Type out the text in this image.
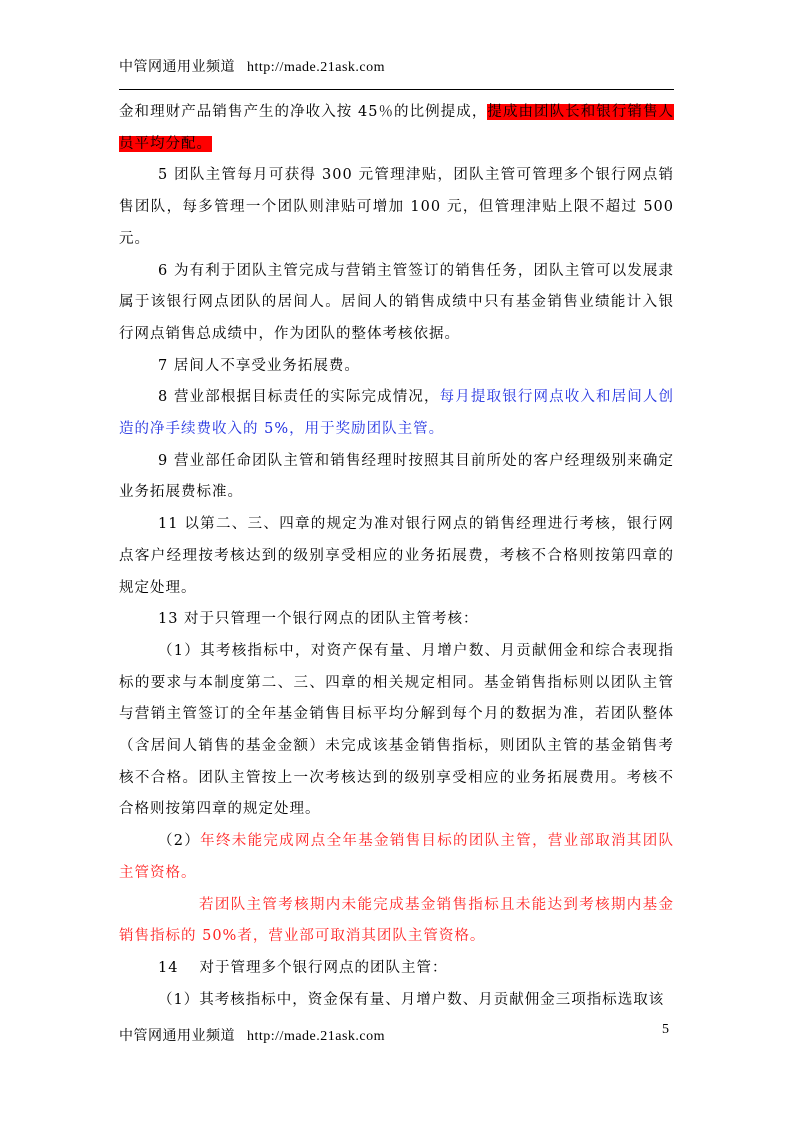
中管网通用业频道 http://made.21ask.com

金和理财产品销售产生的净收入按 45％的比例提成，提成由团队长和银行销售人员平均分配。

5 团队主管每月可获得 300 元管理津贴，团队主管可管理多个银行网点销售团队，每多管理一个团队则津贴可增加 100 元，但管理津贴上限不超过 500 元。

6 为有利于团队主管完成与营销主管签订的销售任务，团队主管可以发展隶属于该银行网点团队的居间人。居间人的销售成绩中只有基金销售业绩能计入银行网点销售总成绩中，作为团队的整体考核依据。

7 居间人不享受业务拓展费。

8 营业部根据目标责任的实际完成情况，每月提取银行网点收入和居间人创造的净手续费收入的 5%，用于奖励团队主管。

9 营业部任命团队主管和销售经理时按照其目前所处的客户经理级别来确定业务拓展费标准。

11 以第二、三、四章的规定为准对银行网点的销售经理进行考核，银行网点客户经理按考核达到的级别享受相应的业务拓展费，考核不合格则按第四章的规定处理。

13 对于只管理一个银行网点的团队主管考核：

（1）其考核指标中，对资产保有量、月增户数、月贡献佣金和综合表现指标的要求与本制度第二、三、四章的相关规定相同。基金销售指标则以团队主管与营销主管签订的全年基金销售目标平均分解到每个月的数据为准，若团队整体（含居间人销售的基金金额）未完成该基金销售指标，则团队主管的基金销售考核不合格。团队主管按上一次考核达到的级别享受相应的业务拓展费用。考核不合格则按第四章的规定处理。

（2）年终未能完成网点全年基金销售目标的团队主管，营业部取消其团队主管资格。

若团队主管考核期内未能完成基金销售指标且未能达到考核期内基金销售指标的 50%者，营业部可取消其团队主管资格。

14 　对于管理多个银行网点的团队主管：

（1）其考核指标中，资金保有量、月增户数、月贡献佣金三项指标选取该

中管网通用业频道 http://made.21ask.com	5
